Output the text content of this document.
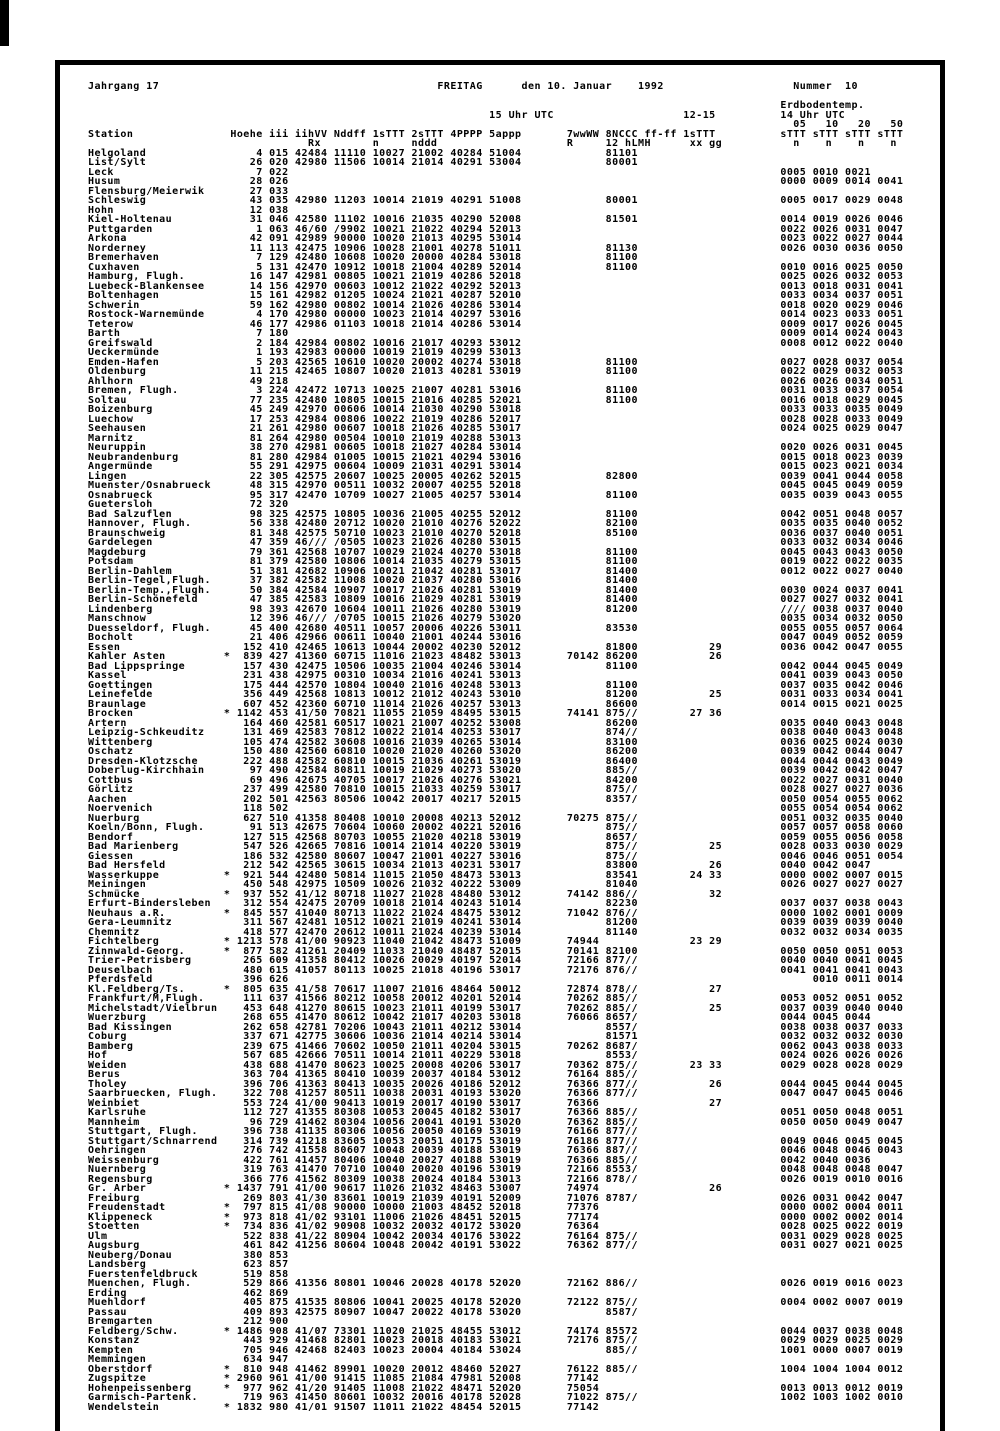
Jahrgang 17                                           FREITAG      den 10. Januar    1992                    Nummer  10

Erdbodentemp.
15 Uhr UTC                    12-15          14 Uhr UTC
05   10   20   50
Station               Hoehe iii iihVV Nddff 1sTTT 2sTTT 4PPPP 5appp       7wwWW 8NCCC ff-ff 1sTTT          sTTT sTTT sTTT sTTT
Rx        n     nddd                    R     12 hLMH      xx gg           n    n    n    n
Helgoland                 4 015 42484 11110 10027 21002 40284 51004             81101
List/Sylt                26 020 42980 11506 10014 21014 40291 53004             80001
Leck                      7 022                                                                            0005 0010 0021
Husum                    28 026                                                                            0000 0009 0014 0041
Flensburg/Meierwik       27 033
Schleswig                43 035 42980 11203 10014 21019 40291 51008             80001                      0005 0017 0029 0048
Hohn                     12 038
Kiel-Holtenau            31 046 42580 11102 10016 21035 40290 52008             81501                      0014 0019 0026 0046
Puttgarden                1 063 46/60 /9902 10021 21022 40294 52013                                        0022 0026 0031 0047
Arkona                   42 091 42989 90000 10020 21013 40295 53014                                        0023 0022 0027 0044
Norderney                11 113 42475 10906 10028 21001 40278 51011             81130                      0026 0030 0036 0050
Bremerhaven               7 129 42480 10608 10020 20000 40284 53018             81100
Cuxhaven                  5 131 42470 10912 10018 21004 40289 52014             81100                      0010 0016 0025 0050
Hamburg, Flugh.          16 147 42981 00805 10021 21019 40286 52018                                        0025 0026 0032 0053
Luebeck-Blankensee       14 156 42970 00603 10012 21022 40292 52013                                        0013 0018 0031 0041
Boltenhagen              15 161 42982 01205 10024 21021 40287 52010                                        0033 0034 0037 0051
Schwerin                 59 162 42980 00802 10014 21026 40286 53014                                        0018 0020 0029 0046
Rostock-Warnemünde        4 170 42980 00000 10023 21014 40297 53016                                        0014 0023 0033 0051
Teterow                  46 177 42986 01103 10018 21014 40286 53014                                        0009 0017 0026 0045
Barth                     7 180                                                                            0009 0014 0024 0043
Greifswald                2 184 42984 00802 10016 21017 40293 53012                                        0008 0012 0022 0040
Ueckermünde               1 193 42983 00000 10019 21019 40299 53013
Emden-Hafen               5 203 42565 10610 10020 20002 40274 53018             81100                      0027 0028 0037 0054
Oldenburg                11 215 42465 10807 10020 21013 40281 53019             81100                      0022 0029 0032 0053
Ahlhorn                  49 218                                                                            0026 0026 0034 0051
Bremen, Flugh.            3 224 42472 10713 10025 21007 40281 53016             81100                      0031 0033 0037 0054
Soltau                   77 235 42480 10805 10015 21016 40285 52021             81100                      0016 0018 0029 0045
Boizenburg               45 249 42970 00606 10014 21030 40290 53018                                        0033 0033 0035 0049
Luechow                  17 253 42984 00806 10022 21019 40286 52017                                        0028 0028 0033 0049
Seehausen                21 261 42980 00607 10018 21026 40285 53017                                        0024 0025 0029 0047
Marnitz                  81 264 42980 00504 10010 21019 40288 53013
Neuruppin                38 270 42981 00605 10018 21027 40284 53014                                        0020 0026 0031 0045
Neubrandenburg           81 280 42984 01005 10015 21021 40294 53016                                        0015 0018 0023 0039
Angermünde               55 291 42975 00604 10009 21031 40291 53014                                        0015 0023 0021 0034
Lingen                   22 305 42575 20607 10025 20005 40262 52015             82800                      0039 0041 0044 0058
Muenster/Osnabrueck      48 315 42970 00511 10032 20007 40255 52018                                        0045 0045 0049 0059
Osnabrueck               95 317 42470 10709 10027 21005 40257 53014             81100                      0035 0039 0043 0055
Guetersloh               72 320
Bad Salzuflen            98 325 42575 10805 10036 21005 40255 52012             81100                      0042 0051 0048 0057
Hannover, Flugh.         56 338 42480 20712 10020 21010 40276 52022             82100                      0035 0035 0040 0052
Braunschweig             81 348 42575 50710 10023 21010 40270 52018             85100                      0036 0037 0040 0051
Gardelegen               47 359 46/// /0505 10023 21026 40280 53015                                        0033 0032 0034 0046
Magdeburg                79 361 42568 10707 10029 21024 40270 53018             81100                      0045 0043 0043 0050
Potsdam                  81 379 42580 10806 10014 21035 40279 53015             81100                      0019 0022 0022 0035
Berlin-Dahlem            51 381 42682 10906 10021 21042 40281 53017             81400                      0012 0022 0027 0040
Berlin-Tegel,Flugh.      37 382 42582 11008 10020 21037 40280 53016             81400
Berlin-Temp.,Flugh.      50 384 42584 10907 10017 21026 40281 53019             81400                      0030 0024 0037 0041
Berlin-Schönefeld        47 385 42583 10809 10016 21029 40281 53019             81400                      0027 0027 0032 0041
Lindenberg               98 393 42670 10604 10011 21026 40280 53019             81200                      //// 0038 0037 0040
Manschnow                12 396 46/// /0705 10015 21026 40279 53020                                        0035 0034 0032 0050
Duesseldorf, Flugh.      45 400 42680 40511 10057 20006 40226 53011             83530                      0055 0055 0057 0064
Bocholt                  21 406 42966 00611 10040 21001 40244 53016                                        0047 0049 0052 0059
Essen                   152 410 42465 10613 10044 20002 40230 52012             81800           29         0036 0042 0047 0055
Kahler Asten         *  839 427 41360 60715 11016 21023 48482 53013       70142 86200           26
Bad Lippspringe         157 430 42475 10506 10035 21004 40246 53014             81100                      0042 0044 0045 0049
Kassel                  231 438 42975 00310 10034 21016 40241 53013                                        0041 0039 0043 0050
Goettingen              175 444 42570 10804 10040 21016 40248 53013             81100                      0037 0035 0042 0046
Leinefelde              356 449 42568 10813 10012 21012 40243 53010             81200           25         0031 0033 0034 0041
Braunlage               607 452 42360 60710 11014 21026 40257 53013             86600                      0014 0015 0021 0025
Brocken              * 1142 453 41/50 70821 11055 21059 48495 53015       74141 875//        27 36
Artern                  164 460 42581 60517 10021 21007 40252 53008             86200                      0035 0040 0043 0048
Leipzig-Schkeuditz      131 469 42583 70812 10022 21014 40253 53017             874//                      0038 0040 0043 0048
Wittenberg              105 474 42582 30608 10016 21039 40265 53014             83100                      0036 0025 0024 0030
Oschatz                 150 480 42560 60810 10020 21020 40260 53020             86200                      0039 0042 0044 0047
Dresden-Klotzsche       222 488 42582 60810 10015 21036 40261 53019             86400                      0044 0044 0043 0049
Doberlug-Kirchhain       97 490 42584 80811 10019 21029 40273 53020             885//                      0039 0042 0042 0047
Cottbus                  69 496 42675 40705 10017 21026 40276 53021             84200                      0022 0027 0031 0040
Görlitz                 237 499 42580 70810 10015 21033 40259 53017             875//                      0028 0027 0027 0036
Aachen                  202 501 42563 80506 10042 20017 40217 52015             8357/                      0050 0054 0055 0062
Noervenich              118 502                                                                            0055 0054 0054 0062
Nuerburg                627 510 41358 80408 10010 20008 40213 52012       70275 875//                      0051 0032 0035 0040
Koeln/Bonn, Flugh.       91 513 42675 70604 10060 20002 40221 52016             875//                      0057 0057 0058 0060
Bendorf                 127 515 42568 80703 10055 21020 40218 53019             8657/                      0059 0055 0056 0058
Bad Marienberg          547 526 42665 70816 10014 21014 40220 53019             875//           25         0028 0033 0030 0029
Giessen                 186 532 42580 80607 10047 21001 40227 53016             875//                      0046 0046 0051 0054
Bad Hersfeld            212 542 42565 30615 10034 21013 40231 53017             83800           26         0040 0042 0047
Wasserkuppe          *  921 544 42480 50814 11015 21050 48473 53013             83541        24 33         0000 0002 0007 0015
Meiningen               450 548 42975 10509 10026 21032 40222 53009             81040                      0026 0027 0027 0027
Schmücke             *  937 552 41/12 80718 11027 21028 48480 53012       74142 886//           32
Erfurt-Bindersleben     312 554 42475 20709 10018 21014 40243 51014             82230                      0037 0037 0038 0043
Neuhaus a.R.         *  845 557 41040 80713 11022 21024 48475 53012       71042 876//                      0000 1002 0001 0009
Gera-Leumnitz           311 567 42481 10512 10021 21019 40241 53014             81200                      0039 0039 0039 0040
Chemnitz                418 577 42470 20612 10011 21024 40239 53014             81140                      0032 0032 0034 0035
Fichtelberg          * 1213 578 41/00 90923 11040 21042 48473 51009       74944              23 29
Zinnwald-Georg.      *  877 582 41261 20409 11033 21040 48487 52015       70141 82100                      0050 0050 0051 0053
Trier-Petrisberg        265 609 41358 80412 10026 20029 40197 52014       72166 877//                      0040 0040 0041 0045
Deuselbach              480 615 41057 80113 10025 21018 40196 53017       72176 876//                      0041 0041 0041 0043
Pferdsfeld              396 626                                                                                 0010 0011 0014
Kl.Feldberg/Ts.      *  805 635 41/58 70617 11007 21016 48464 50012       72874 878//           27
Frankfurt/M,Flugh.      111 637 41566 80212 10058 20012 40201 52014       70262 885//                      0053 0052 0051 0052
Michelstadt/Vielbrun    453 648 41270 80615 10023 21011 40199 53017       70262 885//           25         0037 0039 0040 0040
Wuerzburg               268 655 41470 80612 10042 21017 40203 53018       76066 8657/                      0044 0045 0044
Bad Kissingen           262 658 42781 70206 10043 21011 40212 53014             8557/                      0038 0038 0037 0033
Coburg                  337 671 42775 30606 10036 21014 40214 53014             81571                      0032 0032 0032 0030
Bamberg                 239 675 41466 70602 10050 21011 40204 53015       70262 8687/                      0062 0043 0038 0033
Hof                     567 685 42666 70511 10014 21011 40229 53018             8553/                      0024 0026 0026 0026
Weiden                  438 688 41470 80623 10025 20008 40206 53017       70362 875//        23 33         0029 0028 0028 0029
Berus                   363 704 41365 80410 10039 20037 40184 53012       76164 885//
Tholey                  396 706 41363 80413 10035 20026 40186 52012       76366 877//           26         0044 0045 0044 0045
Saarbruecken, Flugh.    322 708 41257 80511 10038 20031 40193 53020       76366 877//                      0047 0047 0045 0046
Weinbiet                553 724 41/00 90413 10019 20017 40190 53017       76366                 27
Karlsruhe               112 727 41355 80308 10053 20045 40182 53017       76366 885//                      0051 0050 0048 0051
Mannheim                 96 729 41462 80304 10056 20041 40191 53020       76362 885//                      0050 0050 0049 0047
Stuttgart, Flugh.       396 738 41135 80306 10056 20050 40169 53019       76166 877//
Stuttgart/Schnarrend    314 739 41218 83605 10053 20051 40175 53019       76186 877//                      0049 0046 0045 0045
Oehringen               276 742 41558 80607 10048 20039 40188 53019       76366 887//                      0046 0048 0046 0043
Weissenburg             422 761 41457 80406 10040 20027 40188 53019       76366 885//                      0042 0040 0036
Nuernberg               319 763 41470 70710 10040 20020 40196 53019       72166 8553/                      0048 0048 0048 0047
Regensburg              366 776 41562 80309 10038 20024 40184 53013       72166 878//                      0026 0019 0010 0016
Gr. Arber            * 1437 791 41/00 90617 11026 21032 48463 53007       74974                 26
Freiburg                269 803 41/30 83601 10019 21039 40191 52009       71076 8787/                      0026 0031 0042 0047
Freudenstadt         *  797 815 41/08 90000 10000 21003 48452 52018       77376                            0000 0002 0004 0011
Klippeneck           *  973 818 41/02 93101 11006 21026 48451 52015       77174                            0000 0002 0002 0014
Stoetten             *  734 836 41/02 90908 10032 20032 40172 53020       76364                            0028 0025 0022 0019
Ulm                     522 838 41/22 80904 10042 20034 40176 53022       76164 875//                      0031 0029 0028 0025
Augsburg                461 842 41256 80604 10048 20042 40191 53022       76362 877//                      0031 0027 0021 0025
Neuberg/Donau           380 853
Landsberg               623 857
Fuerstenfeldbruck       519 858
Muenchen, Flugh.        529 866 41356 80801 10046 20028 40178 52020       72162 886//                      0026 0019 0016 0023
Erding                  462 869
Muehldorf               405 875 41535 80806 10041 20025 40178 52020       72122 875//                      0004 0002 0007 0019
Passau                  409 893 42575 80907 10047 20022 40178 53020             8587/
Bremgarten              212 900
Feldberg/Schw.       * 1486 908 41/07 73301 11020 21025 48455 53012       74174 85572                      0044 0037 0038 0048
Konstanz                443 929 41468 82801 10023 20018 40183 53021       72176 875//                      0029 0029 0025 0029
Kempten                 705 946 42468 82403 10023 20004 40184 53024             885//                      1001 0000 0007 0019
Memmingen               634 947
Oberstdorf           *  810 948 41462 89901 10020 20012 48460 52027       76122 885//                      1004 1004 1004 0012
Zugspitze            * 2960 961 41/00 91415 11085 21084 47981 52008       77142
Hohenpeissenberg     *  977 962 41/20 91405 11008 21022 48471 52020       75054                            0013 0013 0012 0019
Garmisch-Partenk.       719 963 41450 80601 10032 20016 40178 52028       71022 875//                      1002 1003 1002 0010
Wendelstein          * 1832 980 41/01 91507 11011 21022 48454 52015       77142
